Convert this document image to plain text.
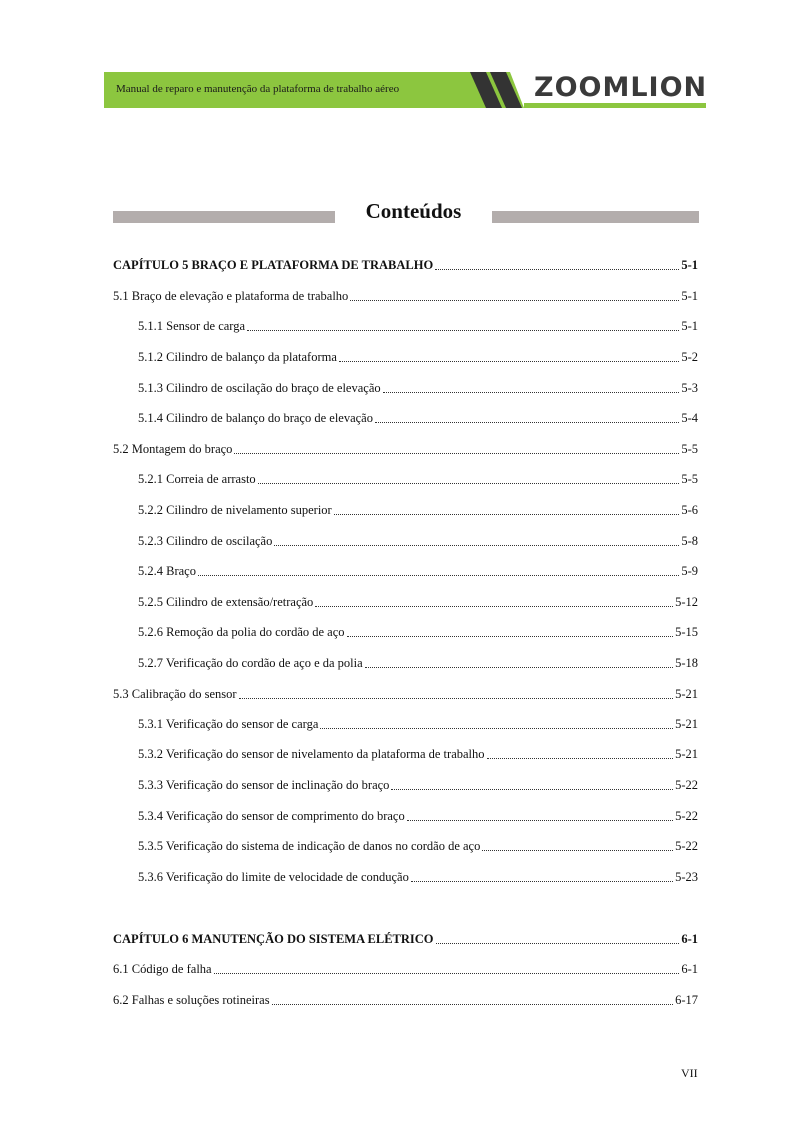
Manual de reparo e manutenção da plataforma de trabalho aéreo	ZOOMLION
Conteúdos
CAPÍTULO 5 BRAÇO E PLATAFORMA DE TRABALHO	5-1
5.1 Braço de elevação e plataforma de trabalho	5-1
5.1.1 Sensor de carga	5-1
5.1.2 Cilindro de balanço da plataforma	5-2
5.1.3 Cilindro de oscilação do braço de elevação	5-3
5.1.4 Cilindro de balanço do braço de elevação	5-4
5.2 Montagem do braço	5-5
5.2.1 Correia de arrasto	5-5
5.2.2 Cilindro de nivelamento superior	5-6
5.2.3 Cilindro de oscilação	5-8
5.2.4 Braço	5-9
5.2.5 Cilindro de extensão/retração	5-12
5.2.6 Remoção da polia do cordão de aço	5-15
5.2.7 Verificação do cordão de aço e da polia	5-18
5.3 Calibração do sensor	5-21
5.3.1 Verificação do sensor de carga	5-21
5.3.2 Verificação do sensor de nivelamento da plataforma de trabalho	5-21
5.3.3 Verificação do sensor de inclinação do braço	5-22
5.3.4 Verificação do sensor de comprimento do braço	5-22
5.3.5 Verificação do sistema de indicação de danos no cordão de aço	5-22
5.3.6 Verificação do limite de velocidade de condução	5-23
CAPÍTULO 6 MANUTENÇÃO DO SISTEMA ELÉTRICO	6-1
6.1 Código de falha	6-1
6.2 Falhas e soluções rotineiras	6-17
VII
